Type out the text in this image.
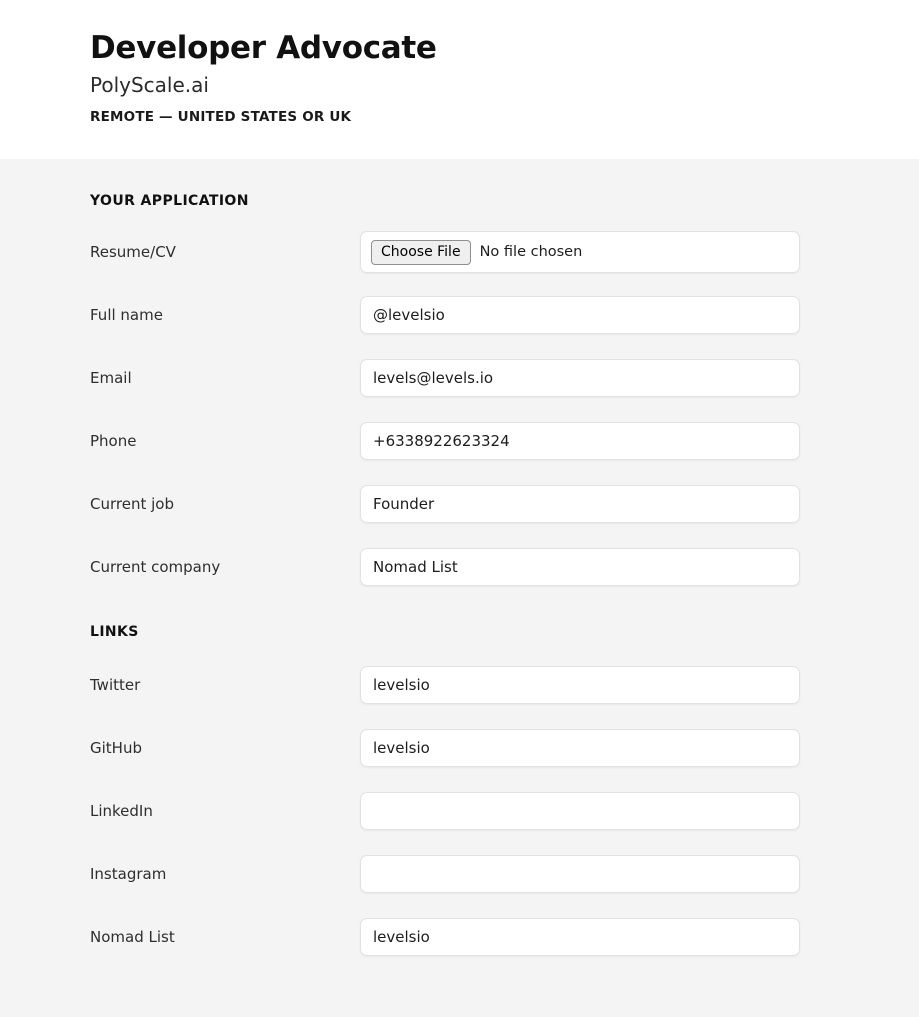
Developer Advocate
PolyScale.ai
REMOTE — UNITED STATES OR UK
YOUR APPLICATION
Resume/CV	Choose File	No file chosen
Full name
@levelsio
Email
levels@levels.io
Phone
+6338922623324
Current job
Founder
Current company
Nomad List
LINKS
Twitter
levelsio
GitHub
levelsio
LinkedIn
Instagram
Nomad List
levelsio
